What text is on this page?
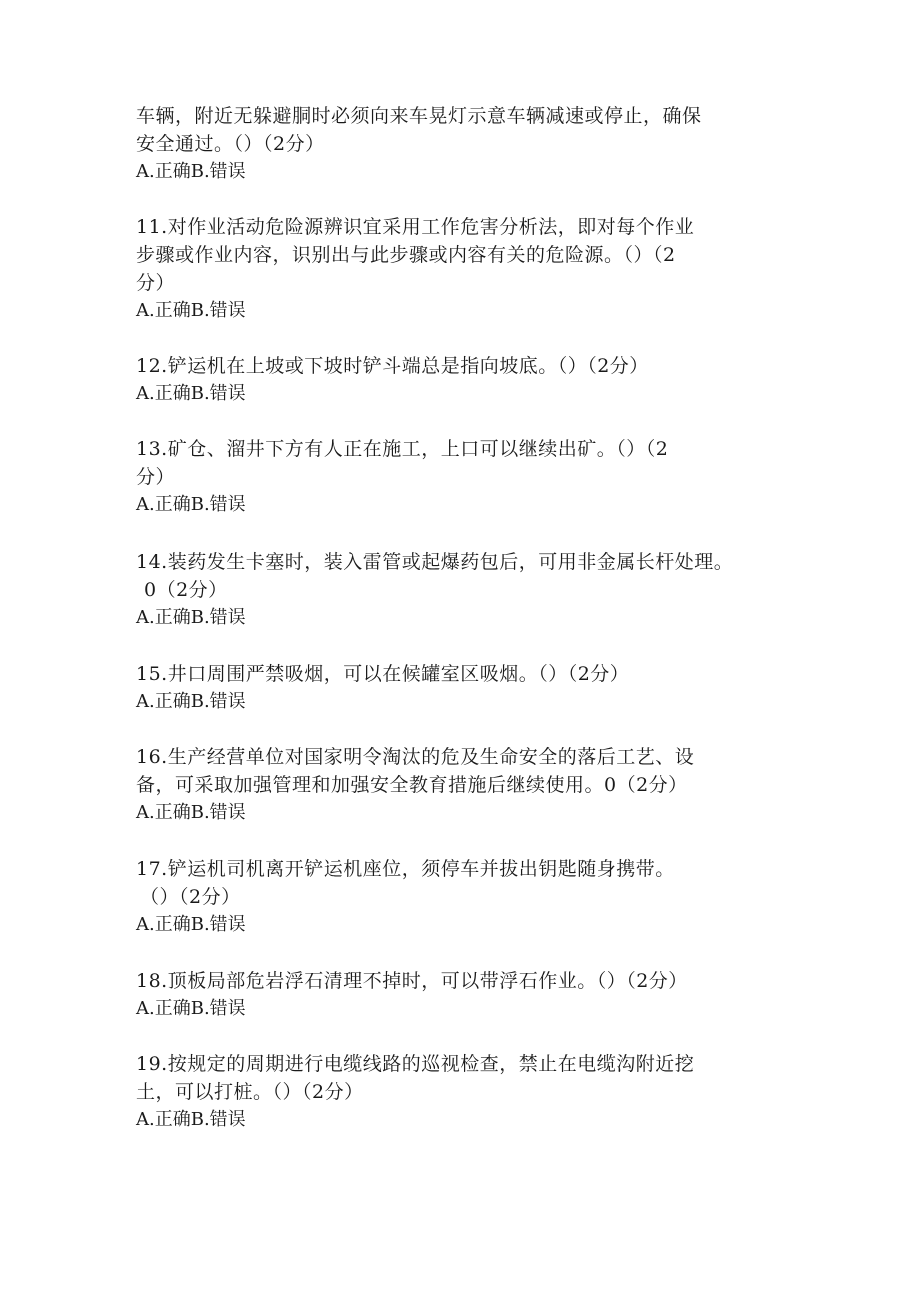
车辆，附近无躲避胴时必须向来车晃灯示意车辆减速或停止，确保
安全通过。（）（2分）
A.正确B.错误
11.对作业活动危险源辨识宜采用工作危害分析法，即对每个作业
步骤或作业内容，识别出与此步骤或内容有关的危险源。（）（2
分）
A.正确B.错误
12.铲运机在上坡或下坡时铲斗端总是指向坡底。（）（2分）
A.正确B.错误
13.矿仓、溜井下方有人正在施工，上口可以继续出矿。（）（2
分）
A.正确B.错误
14.装药发生卡塞时，装入雷管或起爆药包后，可用非金属长杆处理。
0（2分）
A.正确B.错误
15.井口周围严禁吸烟，可以在候罐室区吸烟。（）（2分）
A.正确B.错误
16.生产经营单位对国家明令淘汰的危及生命安全的落后工艺、设
备，可采取加强管理和加强安全教育措施后继续使用。0（2分）
A.正确B.错误
17.铲运机司机离开铲运机座位，须停车并拔出钥匙随身携带。
（）（2分）
A.正确B.错误
18.顶板局部危岩浮石清理不掉时，可以带浮石作业。（）（2分）
A.正确B.错误
19.按规定的周期进行电缆线路的巡视检查，禁止在电缆沟附近挖
土，可以打桩。（）（2分）
A.正确B.错误
